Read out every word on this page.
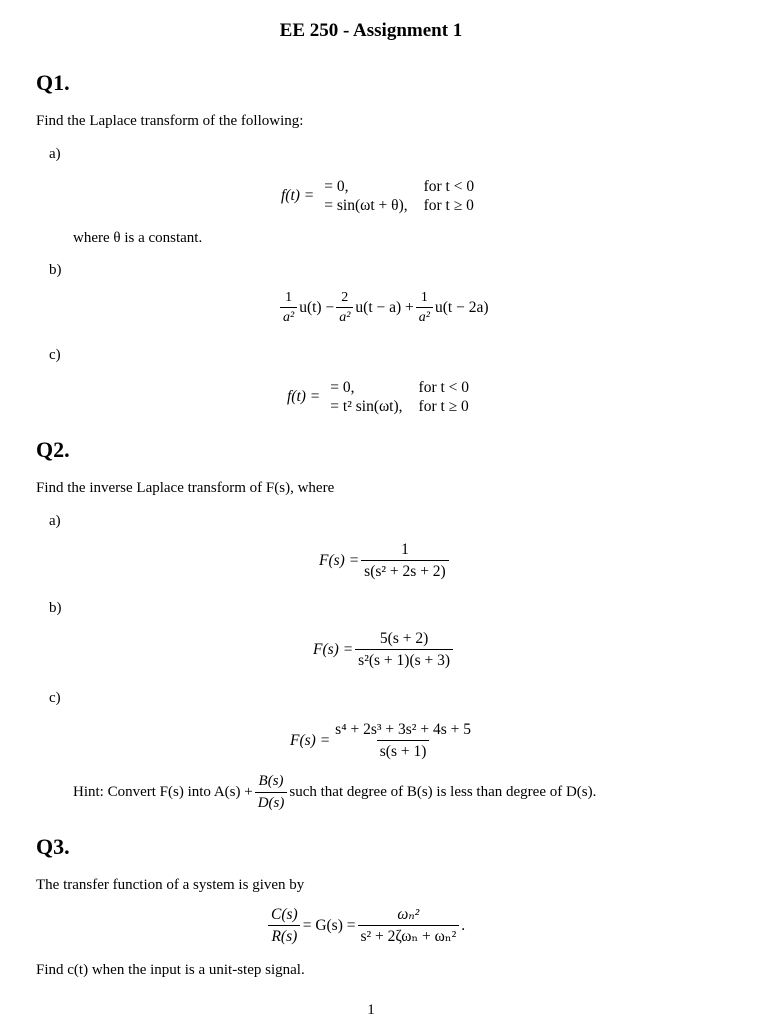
EE 250 - Assignment 1
Q1.
Find the Laplace transform of the following:
a)
f(t) =
= 0,	for t < 0
= sin(ωt + θ), for t ≥ 0
where θ is a constant.
b)
$\frac{1}{\text{a²}} u(t) - \frac{2}{\text{a²}} u(t - a) + \frac{1}{\text{a²}} u(t - 2a)$
c)
f(t) =
= 0,	for t < 0
= t² sin(ωt), for t ≥ 0
Q2.
Find the inverse Laplace transform of F(s), where
a)
$F(s) = \frac{1}{\text{s(s² + 2s + 2)}}$
b)
$F(s) = \frac{5(s + 2)}{\text{s²(s + 1)(s + 3)}}$
c)
$F(s) = \frac{\text{s⁴ + 2s³ + 3s² + 4s + 5}}{s(s + 1)}$
Hint: Convert F(s) into $A(s) + \frac{B(s)}{D(s)}$ such that degree of B(s) is less than degree of D(s).
Q3.
The transfer function of a system is given by
$\frac{C(s)}{R(s)} = G(s) = \frac{\text{ωₙ²}}{\text{s² + 2ζωₙ + ωₙ²}}$ .
Find c(t) when the input is a unit-step signal.
1
